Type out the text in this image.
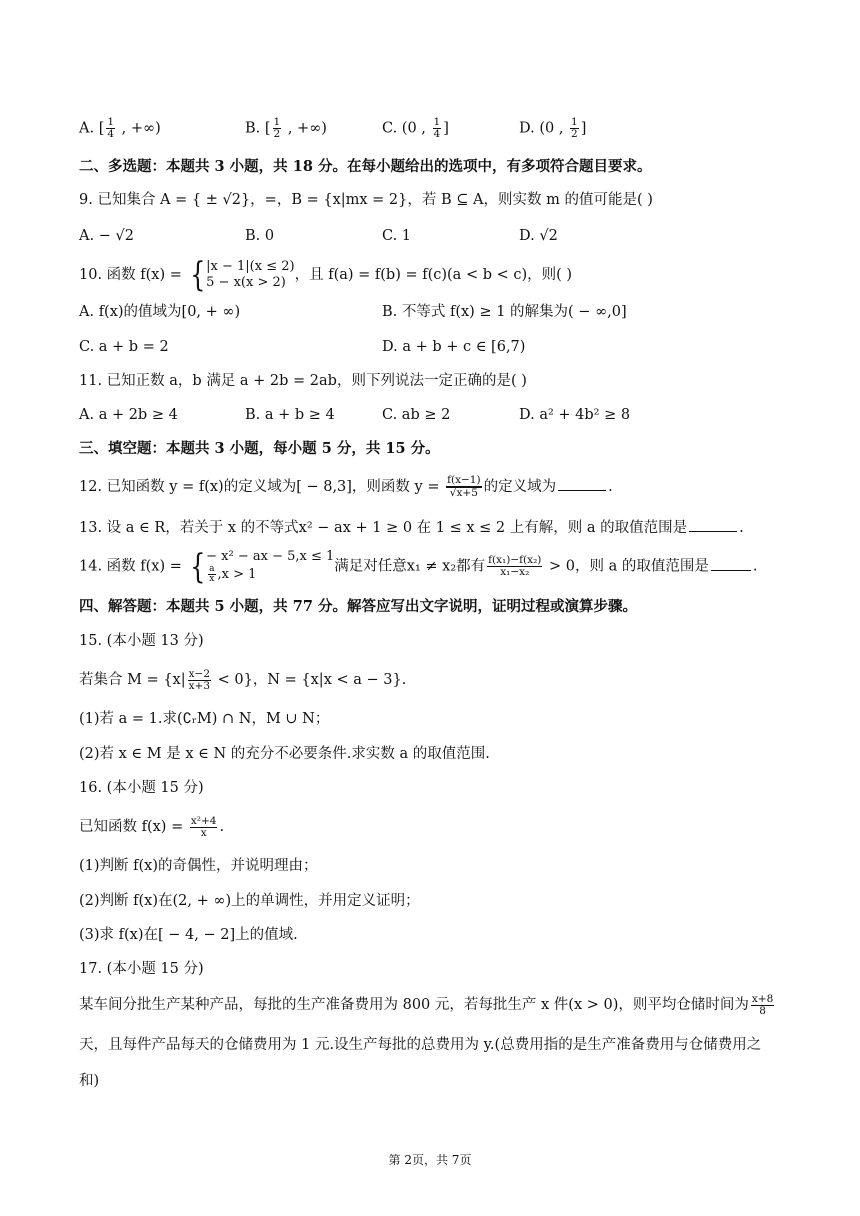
A. [ $\frac{1}{4}$ , +∞)	B. [ $\frac{1}{2}$ , +∞)	C. (0 , $\frac{1}{4}$ ]	D. (0 , $\frac{1}{2}$ ]
二、多选题：本题共 3 小题，共 18 分。在每小题给出的选项中，有多项符合题目要求。
9. 已知集合 A = { ± √2}，=，B = {x|mx = 2}，若 B ⊆ A，则实数 m 的值可能是( )
A. − √2	B. 0	C. 1	D. √2
10. 函数 f(x) = { |x − 1|(x ≤ 2)
5 − x(x > 2) ，且 f(a) = f(b) = f(c)(a < b < c)，则( )
A. f(x)的值域为[0, + ∞)	B. 不等式 f(x) ≥ 1 的解集为( − ∞,0]
C. a + b = 2	D. a + b + c ∈ [6,7)
11. 已知正数 a，b 满足 a + 2b = 2ab，则下列说法一定正确的是( )
A. a + 2b ≥ 4	B. a + b ≥ 4	C. ab ≥ 2	D. a² + 4b² ≥ 8
三、填空题：本题共 3 小题，每小题 5 分，共 15 分。
12. 已知函数 y = f(x)的定义域为[ − 8,3]，则函数 $y = \frac{f(x-1)}{√x+5}$ 的定义域为	.
13. 设 a ∈ R，若关于 x 的不等式x² − ax + 1 ≥ 0 在 1 ≤ x ≤ 2 上有解，则 a 的取值范围是	.
14. 函数 f(x) = { − x² − ax − 5,x ≤ 1
$\frac{a}{x} ,x > 1$	满足对任意x₁ ≠ x₂都有 $\frac{\text{f(x₁)−f(x₂)}}{\text{x₁−x₂}} > 0$，则 a 的取值范围是	.
四、解答题：本题共 5 小题，共 77 分。解答应写出文字说明，证明过程或演算步骤。
15. (本小题 13 分)
若集合 $M = \{x| \frac{x-2}{x+3} < 0\}$，N = {x|x < a − 3}.
(1)若 a = 1.求(∁ᵣM) ∩ N，M ∪ N；
(2)若 x ∈ M 是 x ∈ N 的充分不必要条件.求实数 a 的取值范围.
16. (本小题 15 分)
已知函数 $f(x) = \frac{\text{x²+4}}{x}$ .
(1)判断 f(x)的奇偶性，并说明理由；
(2)判断 f(x)在(2, + ∞)上的单调性，并用定义证明；
(3)求 f(x)在[ − 4, − 2]上的值域.
17. (本小题 15 分)
某车间分批生产某种产品，每批的生产准备费用为 800 元，若每批生产 x 件(x > 0)，则平均仓储时间为 $\frac{x+8}{8}$
天，且每件产品每天的仓储费用为 1 元.设生产每批的总费用为 y.(总费用指的是生产准备费用与仓储费用之
和)
第 2页，共 7页
